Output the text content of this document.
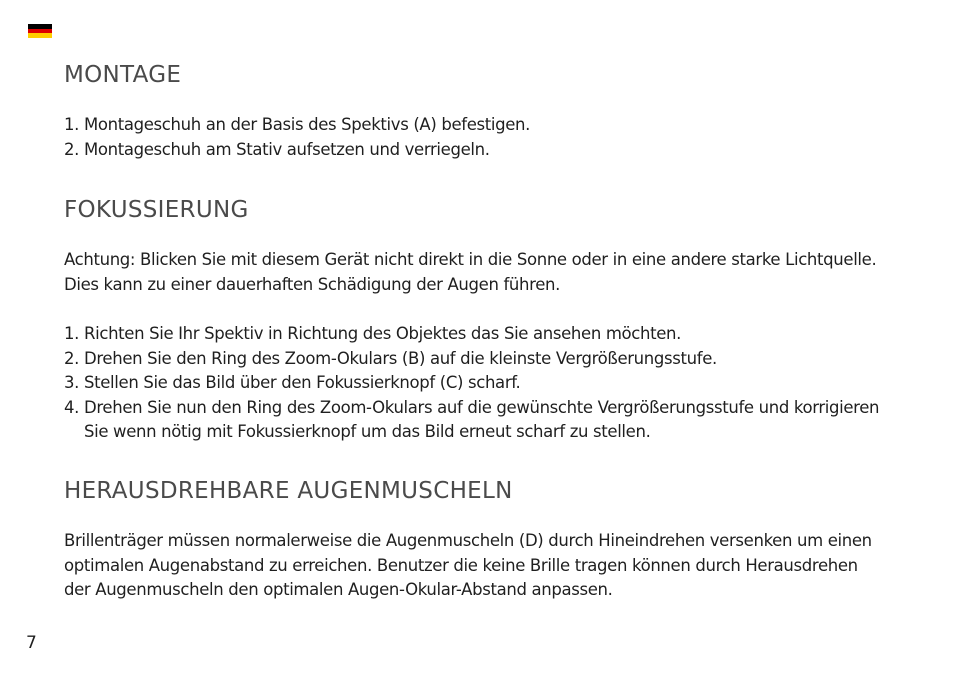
MONTAGE
1. Montageschuh an der Basis des Spektivs (A) befestigen.
2. Montageschuh am Stativ aufsetzen und verriegeln.
FOKUSSIERUNG

Achtung: Blicken Sie mit diesem Gerät nicht direkt in die Sonne oder in eine andere starke Lichtquelle. Dies kann zu einer dauerhaften Schädigung der Augen führen.

1. Richten Sie Ihr Spektiv in Richtung des Objektes das Sie ansehen möchten.
2. Drehen Sie den Ring des Zoom-Okulars (B) auf die kleinste Vergrößerungsstufe.
3. Stellen Sie das Bild über den Fokussierknopf (C) scharf.
4. Drehen Sie nun den Ring des Zoom-Okulars auf die gewünschte Vergrößerungsstufe und korrigieren Sie wenn nötig mit Fokussierknopf um das Bild erneut scharf zu stellen.
HERAUSDREHBARE AUGENMUSCHELN

Brillenträger müssen normalerweise die Augenmuscheln (D) durch Hineindrehen versenken um einen optimalen Augenabstand zu erreichen. Benutzer die keine Brille tragen können durch Herausdrehen der Augenmuscheln den optimalen Augen-Okular-Abstand anpassen.

7
